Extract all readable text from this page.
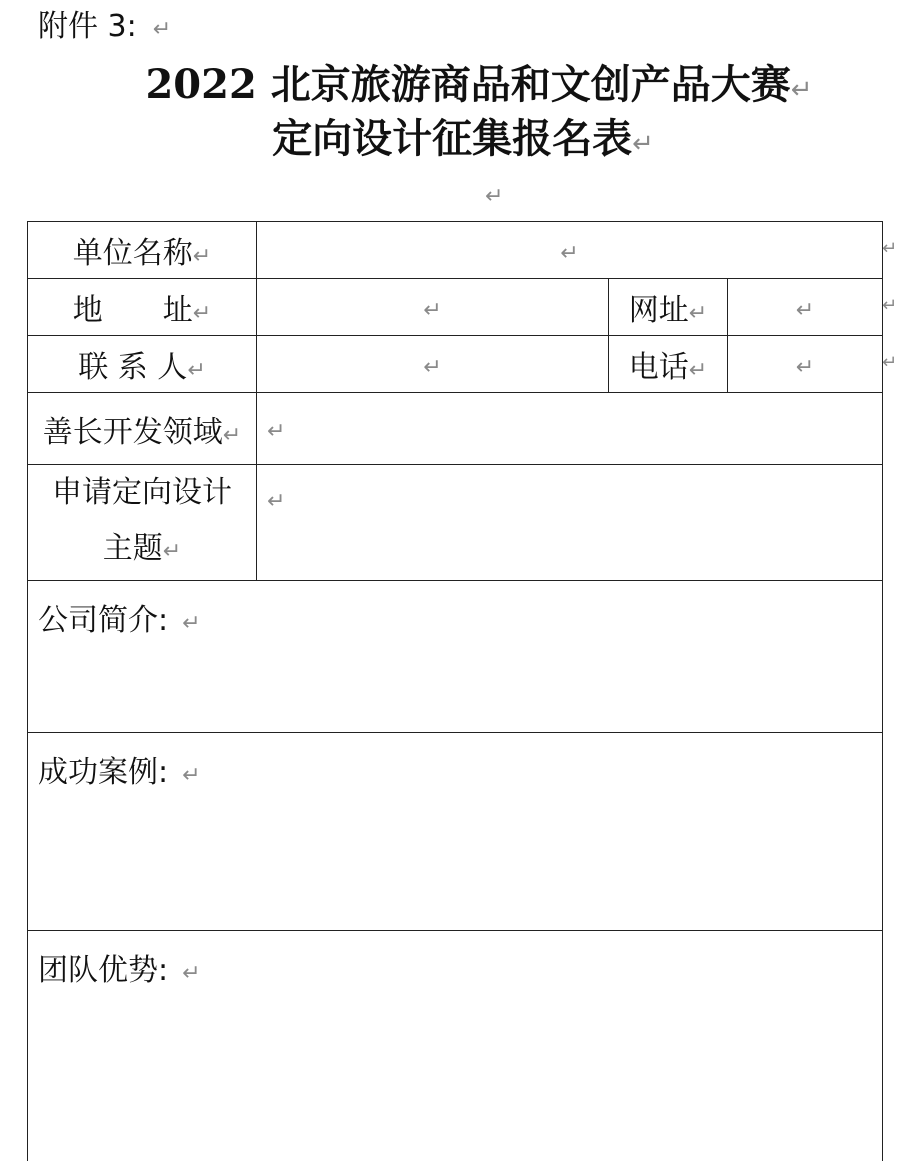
附件 3: ↵
2022 北京旅游商品和文创产品大赛↵
定向设计征集报名表↵
↵
单位名称↵	↵		
地　　址↵	↵	网址↵	↵
联 系 人↵	↵	电话↵	↵
善长开发领域↵	↵		

申请定向设计
主题↵	↵		
公司简介: ↵			
成功案例: ↵			
团队优势: ↵			
↵
↵
↵
